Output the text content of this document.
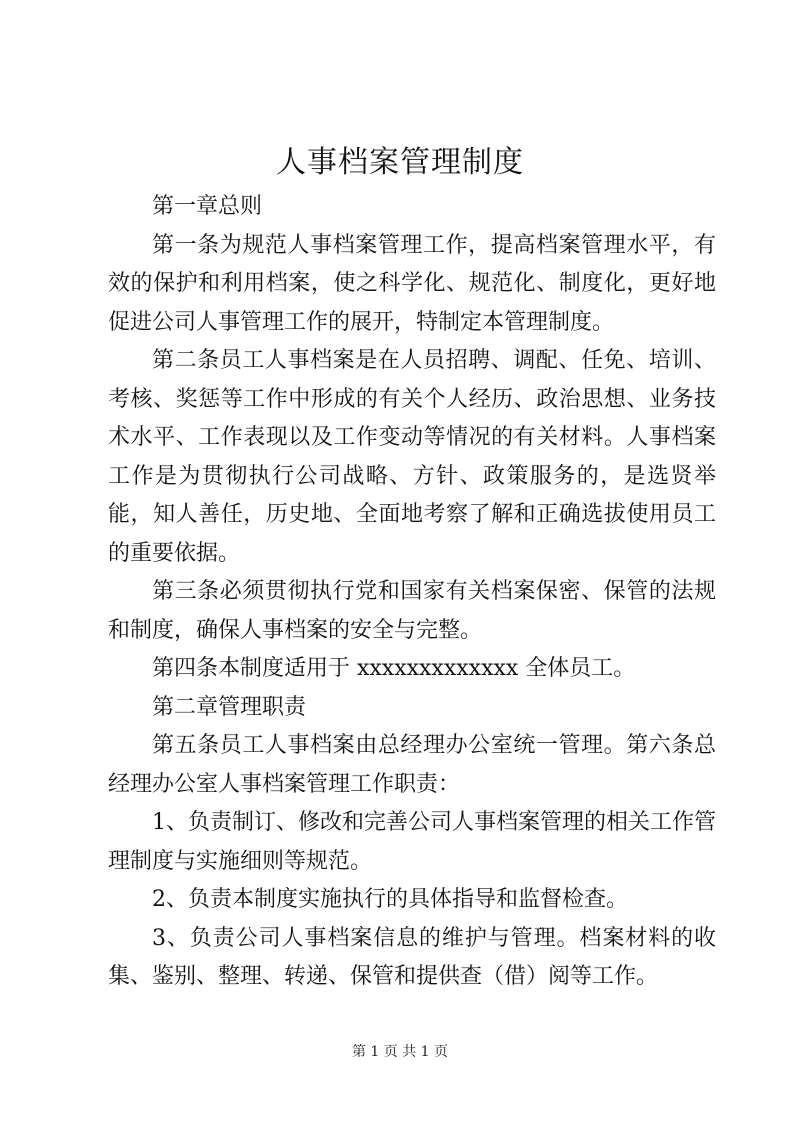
人事档案管理制度

第一章总则

第一条为规范人事档案管理工作，提高档案管理水平，有效的保护和利用档案，使之科学化、规范化、制度化，更好地促进公司人事管理工作的展开，特制定本管理制度。

第二条员工人事档案是在人员招聘、调配、任免、培训、考核、奖惩等工作中形成的有关个人经历、政治思想、业务技术水平、工作表现以及工作变动等情况的有关材料。人事档案工作是为贯彻执行公司战略、方针、政策服务的，是选贤举能，知人善任，历史地、全面地考察了解和正确选拔使用员工的重要依据。

第三条必须贯彻执行党和国家有关档案保密、保管的法规和制度，确保人事档案的安全与完整。

第四条本制度适用于 xxxxxxxxxxxxx 全体员工。

第二章管理职责

第五条员工人事档案由总经理办公室统一管理。第六条总经理办公室人事档案管理工作职责：

1、负责制订、修改和完善公司人事档案管理的相关工作管理制度与实施细则等规范。

2、负责本制度实施执行的具体指导和监督检查。

3、负责公司人事档案信息的维护与管理。档案材料的收集、鉴别、整理、转递、保管和提供查（借）阅等工作。

第 1 页 共 1 页
